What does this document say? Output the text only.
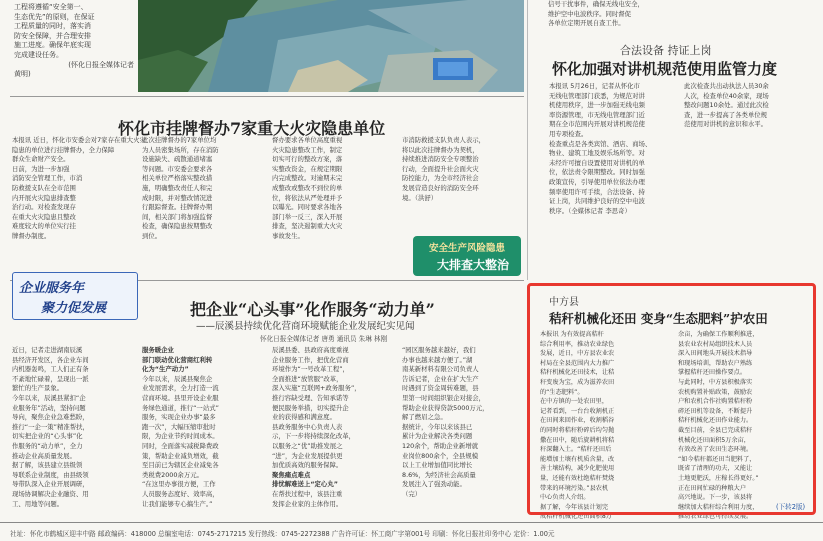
工程将遵循“安全第一、
生态优先”的原则，在保证
工程质量的同时，落实消
防安全保障，并合理安排
施工进度。确保年底实现
完成建设任务。
(怀化日报全媒体记者
黄明)
信号干扰事件，确保无线电安全，
维护空中电波秩序。同时督促
各单位定期开展自查工作。
合法设备 持证上岗
怀化加强对讲机规范使用监管力度
本报讯 5月26日，记者从怀化市
无线电管理部门获悉，为规范对讲
机使用秩序，进一步加强无线电频
率资源管理，市无线电管理部门近
期在全市范围内开展对讲机规范使
用专项检查。
检查重点是各类宾馆、酒店、商场、
物业、建筑工地及娱乐场所等。对
未经许可擅自设置使用对讲机的单
位，依法责令限期整改。同时加强
政策宣传，引导使用单位依法办理
频率使用许可手续，合法设备、持
证上岗，共同维护良好的空中电波
秩序。（全媒体记者 李思奇）
此次检查共出动执法人员30余
人次，检查单位40余家，现场
整改问题10余处。通过此次检
查，进一步提高了各类单位规
范使用对讲机的意识和水平。
怀化市挂牌督办7家重大火灾隐患单位
本报讯 近日，怀化市安委会对7家存在重大火灾
隐患的单位进行挂牌督办，全力保障
群众生命财产安全。
日前，为进一步加强
消防安全管理工作，市消
防救援支队在全市范围
内开展火灾隐患排查整
治行动。对检查发现存
在重大火灾隐患且整改
难度较大的单位实行挂
牌督办制度。
此次挂牌督办的7家单位均
为人员密集场所，存在消防
设施缺失、疏散通道堵塞
等问题。市安委会要求各
相关单位严格落实整改措
施，明确整改责任人和完
成时限，并对整改情况进
行跟踪督查。挂牌督办期
间，相关部门将加强监督
检查，确保隐患按期整改
到位。
督办要求各单位高度重视
火灾隐患整改工作，制定
切实可行的整改方案，落
实整改资金，在规定期限
内完成整改。对逾期未完
成整改或整改不到位的单
位，将依法从严处理并予
以曝光。同时要求各地各
部门举一反三，深入开展
排查，坚决遏制重大火灾
事故发生。
市消防救援支队负责人表示，
将以此次挂牌督办为契机，
持续推进消防安全专项整治
行动，全面提升社会面火灾
防控能力，为全市经济社会
发展营造良好的消防安全环
境。（洪舒）
安全生产风险隐患
大排查大整治
企业服务年
聚力促发展	把企业“心头事”化作服务“动力单”
——辰溪县持续优化营商环境赋能企业发展纪实见闻
怀化日报全媒体记者 唐勇 通讯员 朱琳 林刚
近日，记者走进湖南辰溪
县经济开发区，各企业车间
内机器轰鸣，工人们正有条
不紊地忙碌着，呈现出一派
繁忙的生产景象。
今年以来，辰溪县紧扣“企
业服务年”活动，坚持问题
导向，聚焦企业急难愁盼，
推行“一企一策”精准帮扶，
切实把企业的“心头事”化
作服务的“动力单”，全力
推动企业高质量发展。
据了解，该县建立县级领
导联系企业制度，由县级领
导带队深入企业开展调研，
现场协调解决企业融资、用
工、用地等问题。
服务暖企业
部门联动优化营商红利转
化为“生产动力”
今年以来，辰溪县聚焦企
业发展需求，全力打造一流
营商环境。县里开设企业服
务绿色通道，推行“一站式”
服务，实现企业办事“最多
跑一次”，大幅压缩审批时
限，为企业节约时间成本。
同时，全面落实减税降费政
策，帮助企业减负增效，截
至目前已为辖区企业减免各
类税费2000余万元。
“在这里办事很方便，工作
人员服务态度好、效率高，
让我们能够专心搞生产。”
辰溪县委、县政府高度重视
企业服务工作，把优化营商
环境作为“一号改革工程”，
全面推进“放管服”改革，
深入实施“互联网+政务服务”，
推行容缺受理、告知承诺等
便民服务举措，切实提升企
业的获得感和满意度。
县政务服务中心负责人表
示，下一步将持续深化改革，
以服务之“优”助推发展之
“进”，为企业发展提供更
加优质高效的服务保障。
聚焦痛点难点
排忧解难送上“定心丸”
在帮扶过程中，该县注重
发挥企业家的主体作用。
“园区服务越来越好，我们
办事也越来越方便了。”湖
南某新材料有限公司负责人
告诉记者，企业在扩大生产
时遇到了资金周转难题，县
里第一时间组织银企对接会，
帮助企业获得贷款5000万元，
解了燃眉之急。
据统计，今年以来该县已
累计为企业解决各类问题
120余个，帮助企业新增就
业岗位800余个，全县规模
以上工业增加值同比增长
8.6%，为经济社会高质量
发展注入了强劲动能。
（完）
中方县
秸秆机械化还田 变身“生态肥料”护农田
本报讯 为有效提高秸秆
综合利用率，推动农业绿色
发展，近日，中方县农业农
村局在全县范围内大力推广
秸秆机械化还田技术，让秸
秆变废为宝，成为滋养农田
的“生态肥料”。
在中方镇的一处农田里，
记者看到，一台台收割机正
在田间来回作业，收割稻谷
的同时将秸秆粉碎后均匀抛
撒在田中，随后旋耕机将秸
秆深翻入土。“秸秆还田后
能增加土壤有机质含量，改
善土壤结构，减少化肥使用
量，还能有效杜绝秸秆焚烧
带来的环境污染。”县农机
中心负责人介绍。
据了解，今年该县计划完
成秸秆机械化还田面积8万
余亩，为确保工作顺利推进，
县农业农村局组织技术人员
深入田间地头开展技术指导
和现场培训，帮助农户熟练
掌握秸秆还田操作要点。
与此同时，中方县积极落实
农机购置补贴政策，鼓励农
户和农机合作社购置秸秆粉
碎还田机等设备，不断提升
秸秆机械化还田作业能力。
截至目前，全县已完成秸秆
机械化还田面积5万余亩，
有效改善了农田生态环境。
“如今秸秆都还田当肥料了，
既省了清理的功夫，又能让
土地更肥沃，庄稼长得更好。”
正在田间忙碌的种粮大户
高兴地说。下一步，该县将
继续加大秸秆综合利用力度，
推动农业绿色可持续发展。
(下转2版)
社址：怀化市鹤城区迎丰中路 邮政编码：418000 总编室电话：0745-2717215 发行热线：0745-2272388 广告许可证：怀工商广字第001号 印刷：怀化日报社印务中心 定价：1.00元
